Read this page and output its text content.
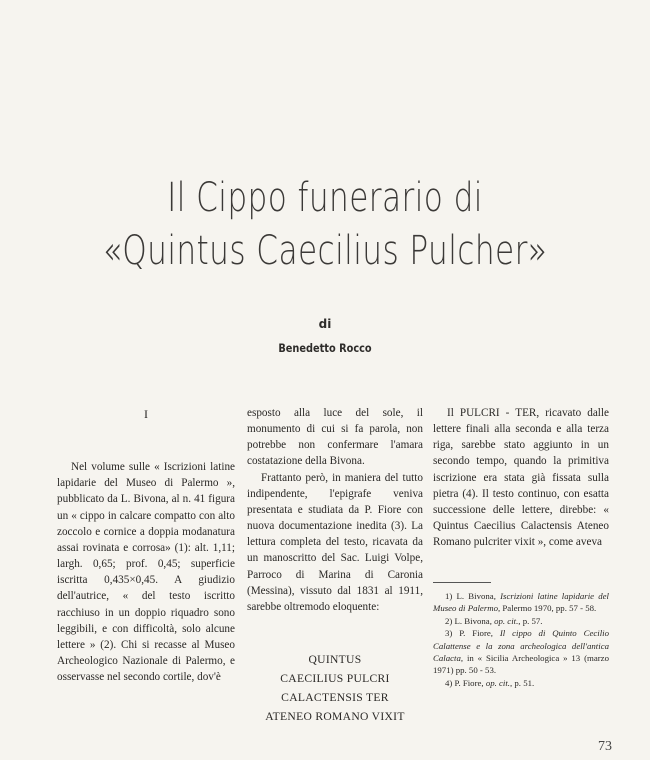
Il Cippo funerario di
«Quintus Caecilius Pulcher»
di
Benedetto Rocco
I

Nel volume sulle « Iscrizioni latine lapidarie del Museo di Palermo », pubblicato da L. Bivona, al n. 41 figura un « cippo in calcare compatto con alto zoccolo e cornice a doppia modanatura assai rovinata e corrosa» (1): alt. 1,11; largh. 0,65; prof. 0,45; superficie iscritta 0,435×0,45. A giudizio dell'autrice, « del testo iscritto racchiuso in un doppio riquadro sono leggibili, e con difficoltà, solo alcune lettere » (2). Chi si recasse al Museo Archeologico Nazionale di Palermo, e osservasse nel secondo cortile, dov'è

esposto alla luce del sole, il monumento di cui si fa parola, non potrebbe non confermare l'amara costatazione della Bivona.

Frattanto però, in maniera del tutto indipendente, l'epigrafe veniva presentata e studiata da P. Fiore con nuova documentazione inedita (3). La lettura completa del testo, ricavata da un manoscritto del Sac. Luigi Volpe, Parroco di Marina di Caronia (Messina), vissuto dal 1831 al 1911, sarebbe oltremodo eloquente:

QUINTUS
CAECILIUS PULCRI
CALACTENSIS TER
ATENEO ROMANO VIXIT

Il PULCRI - TER, ricavato dalle lettere finali alla seconda e alla terza riga, sarebbe stato aggiunto in un secondo tempo, quando la primitiva iscrizione era stata già fissata sulla pietra (4). Il testo continuo, con esatta successione delle lettere, direbbe: « Quintus Caecilius Calactensis Ateneo Romano pulcriter vixit », come aveva

1) L. Bivona, Iscrizioni latine lapidarie del Museo di Palermo, Palermo 1970, pp. 57 - 58.

2) L. Bivona, op. cit., p. 57.

3) P. Fiore, Il cippo di Quinto Cecilio Calattense e la zona archeologica dell'antica Calacta, in « Sicilia Archeologica » 13 (marzo 1971) pp. 50 - 53.

4) P. Fiore, op. cit., p. 51.

73
